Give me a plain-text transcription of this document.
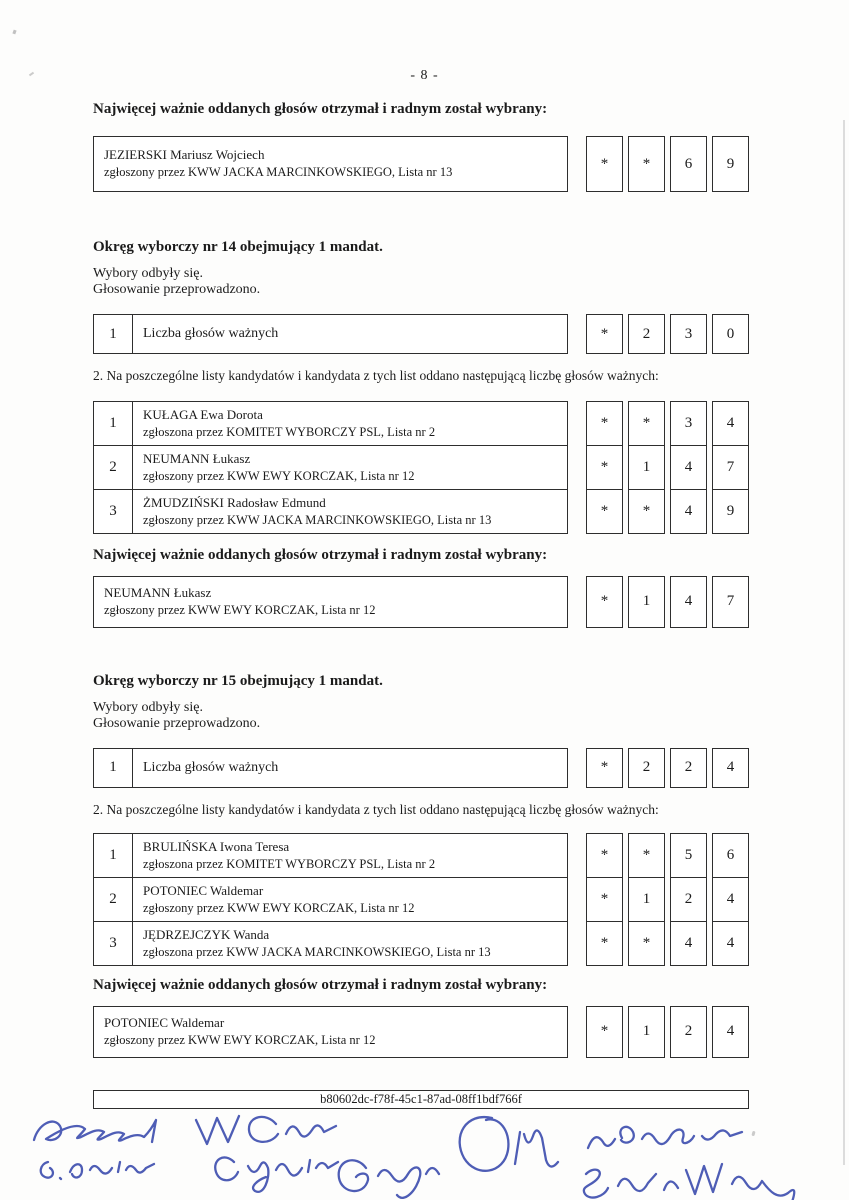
- 8 -

Najwięcej ważnie oddanych głosów otrzymał i radnym został wybrany:

JEZIERSKI Mariusz Wojciech
zgłoszony przez KWW JACKA MARCINKOWSKIEGO, Lista nr 13
*	*	6	9

Okręg wyborczy nr 14 obejmujący 1 mandat.

Wybory odbyły się.

Głosowanie przeprowadzono.

1	Liczba głosów ważnych	*	2	3	0

2. Na poszczególne listy kandydatów i kandydata z tych list oddano następującą liczbę głosów ważnych:

1
KUŁAGA Ewa Dorota
zgłoszona przez KOMITET WYBORCZY PSL, Lista nr 2
*	*	3	4
2
NEUMANN Łukasz
zgłoszony przez KWW EWY KORCZAK, Lista nr 12
*	1	4	7
3
ŻMUDZIŃSKI Radosław Edmund
zgłoszony przez KWW JACKA MARCINKOWSKIEGO, Lista nr 13
*	*	4	9

Najwięcej ważnie oddanych głosów otrzymał i radnym został wybrany:

NEUMANN Łukasz
zgłoszony przez KWW EWY KORCZAK, Lista nr 12
*	1	4	7

Okręg wyborczy nr 15 obejmujący 1 mandat.

Wybory odbyły się.

Głosowanie przeprowadzono.

1	Liczba głosów ważnych	*	2	2	4

2. Na poszczególne listy kandydatów i kandydata z tych list oddano następującą liczbę głosów ważnych:

1
BRULIŃSKA Iwona Teresa
zgłoszona przez KOMITET WYBORCZY PSL, Lista nr 2
*	*	5	6
2
POTONIEC Waldemar
zgłoszony przez KWW EWY KORCZAK, Lista nr 12
*	1	2	4
3
JĘDRZEJCZYK Wanda
zgłoszona przez KWW JACKA MARCINKOWSKIEGO, Lista nr 13
*	*	4	4

Najwięcej ważnie oddanych głosów otrzymał i radnym został wybrany:

POTONIEC Waldemar
zgłoszony przez KWW EWY KORCZAK, Lista nr 12
*	1	2	4
b80602dc-f78f-45c1-87ad-08ff1bdf766f
